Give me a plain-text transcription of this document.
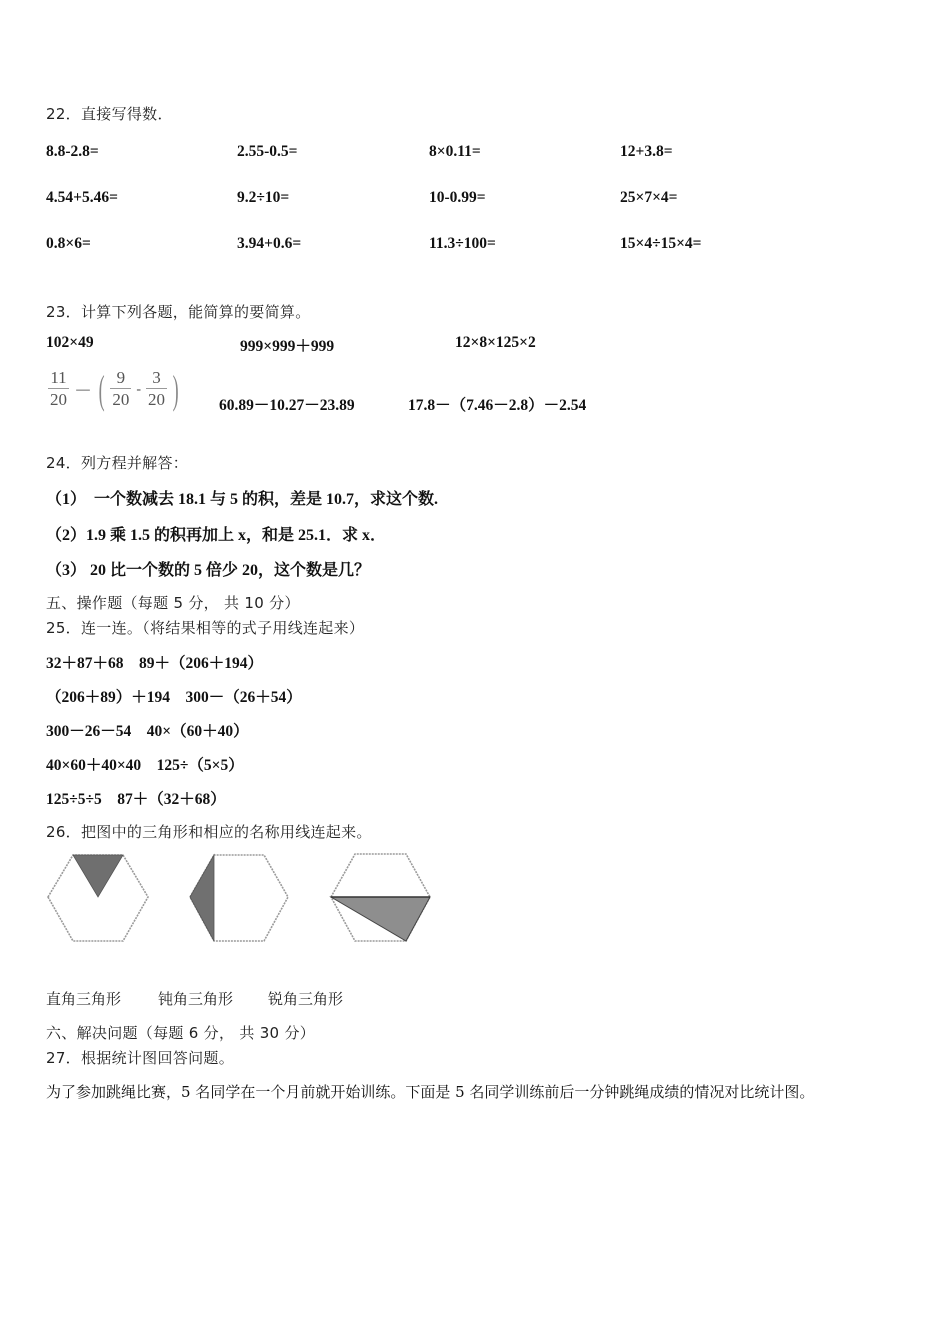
22．直接写得数．
8.8-2.8=	2.55-0.5=	8×0.11=	12+3.8=
4.54+5.46=	9.2÷10=	10-0.99=	25×7×4=
0.8×6=	3.94+0.6=	11.3÷100=	15×4÷15×4=
23．计算下列各题，能简算的要简算。
102×49	999×999＋999	12×8×125×2
$\frac{11}{20}$ － ( $\frac{9}{20} - \frac{3}{20}$ )	60.89－10.27－23.89	17.8－（7.46－2.8）－2.54
24．列方程并解答：
（1）　一个数减去 18.1 与 5 的积，差是 10.7，求这个数.
（2）1.9 乘 1.5 的积再加上 x，和是 25.1．求 x．
（3） 20 比一个数的 5 倍少 20，这个数是几？
五、操作题（每题 5 分， 共 10 分）
25．连一连。（将结果相等的式子用线连起来）
32＋87＋68　89＋（206＋194）
（206＋89）＋194　300－（26＋54）
300－26－54　40×（60＋40）
40×60＋40×40　125÷（5×5）
125÷5÷5　87＋（32＋68）
26．把图中的三角形和相应的名称用线连起来。
直角三角形 钝角三角形 锐角三角形
六、解决问题（每题 6 分， 共 30 分）
27．根据统计图回答问题。
为了参加跳绳比赛，5 名同学在一个月前就开始训练。下面是 5 名同学训练前后一分钟跳绳成绩的情况对比统计图。
